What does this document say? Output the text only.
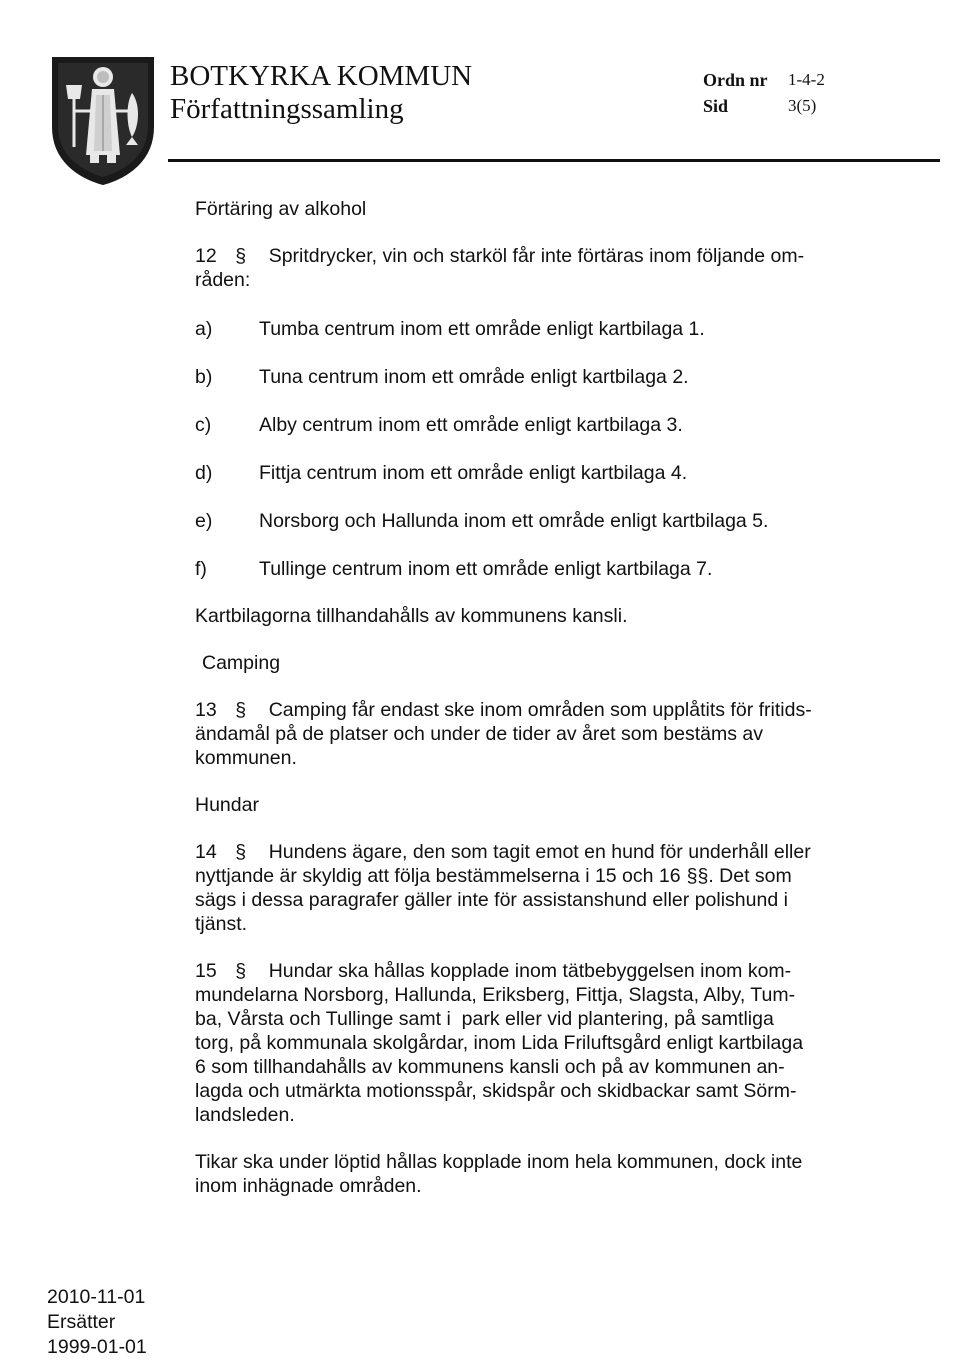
BOTKYRKA KOMMUN
Författningssamling
Ordn nr 1-4-2
Sid	3(5)

Förtäring av alkohol

12 § Spritdrycker, vin och starköl får inte förtäras inom följande om-
råden:

a)	Tumba centrum inom ett område enligt kartbilaga 1.
b)	Tuna centrum inom ett område enligt kartbilaga 2.
c)	Alby centrum inom ett område enligt kartbilaga 3.
d)	Fittja centrum inom ett område enligt kartbilaga 4.
e)	Norsborg och Hallunda inom ett område enligt kartbilaga 5.
f)	Tullinge centrum inom ett område enligt kartbilaga 7.

Kartbilagorna tillhandahålls av kommunens kansli.

Camping

13 § Camping får endast ske inom områden som upplåtits för fritids-
ändamål på de platser och under de tider av året som bestäms av
kommunen.

Hundar

14 § Hundens ägare, den som tagit emot en hund för underhåll eller
nyttjande är skyldig att följa bestämmelserna i 15 och 16 §§. Det som
sägs i dessa paragrafer gäller inte för assistanshund eller polishund i
tjänst.

15 § Hundar ska hållas kopplade inom tätbebyggelsen inom kom-
mundelarna Norsborg, Hallunda, Eriksberg, Fittja, Slagsta, Alby, Tum-
ba, Vårsta och Tullinge samt i  park eller vid plantering, på samtliga
torg, på kommunala skolgårdar, inom Lida Friluftsgård enligt kartbilaga
6 som tillhandahålls av kommunens kansli och på av kommunen an-
lagda och utmärkta motionsspår, skidspår och skidbackar samt Sörm-
landsleden.

Tikar ska under löptid hållas kopplade inom hela kommunen, dock inte
inom inhägnade områden.

2010-11-01
Ersätter
1999-01-01
